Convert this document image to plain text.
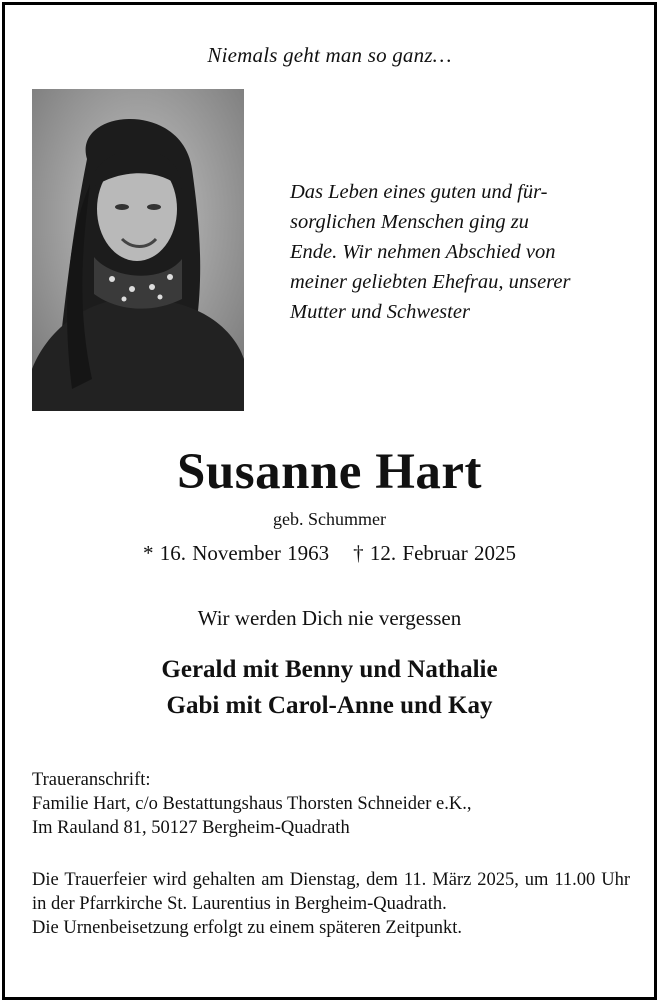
Niemals geht man so ganz…
Das Leben eines guten und für-
sorglichen Menschen ging zu
Ende. Wir nehmen Abschied von
meiner geliebten Ehefrau, unserer
Mutter und Schwester
Susanne Hart
geb. Schummer
* 16. November 1963 † 12. Februar 2025
Wir werden Dich nie vergessen
Gerald mit Benny und Nathalie
Gabi mit Carol-Anne und Kay
Traueranschrift:
Familie Hart, c/o Bestattungshaus Thorsten Schneider e.K.,
Im Rauland 81, 50127 Bergheim-Quadrath
Die Trauerfeier wird gehalten am Dienstag, dem 11. März 2025, um 11.00 Uhr in der Pfarrkirche St. Laurentius in Bergheim-Quadrath.
Die Urnenbeisetzung erfolgt zu einem späteren Zeitpunkt.
